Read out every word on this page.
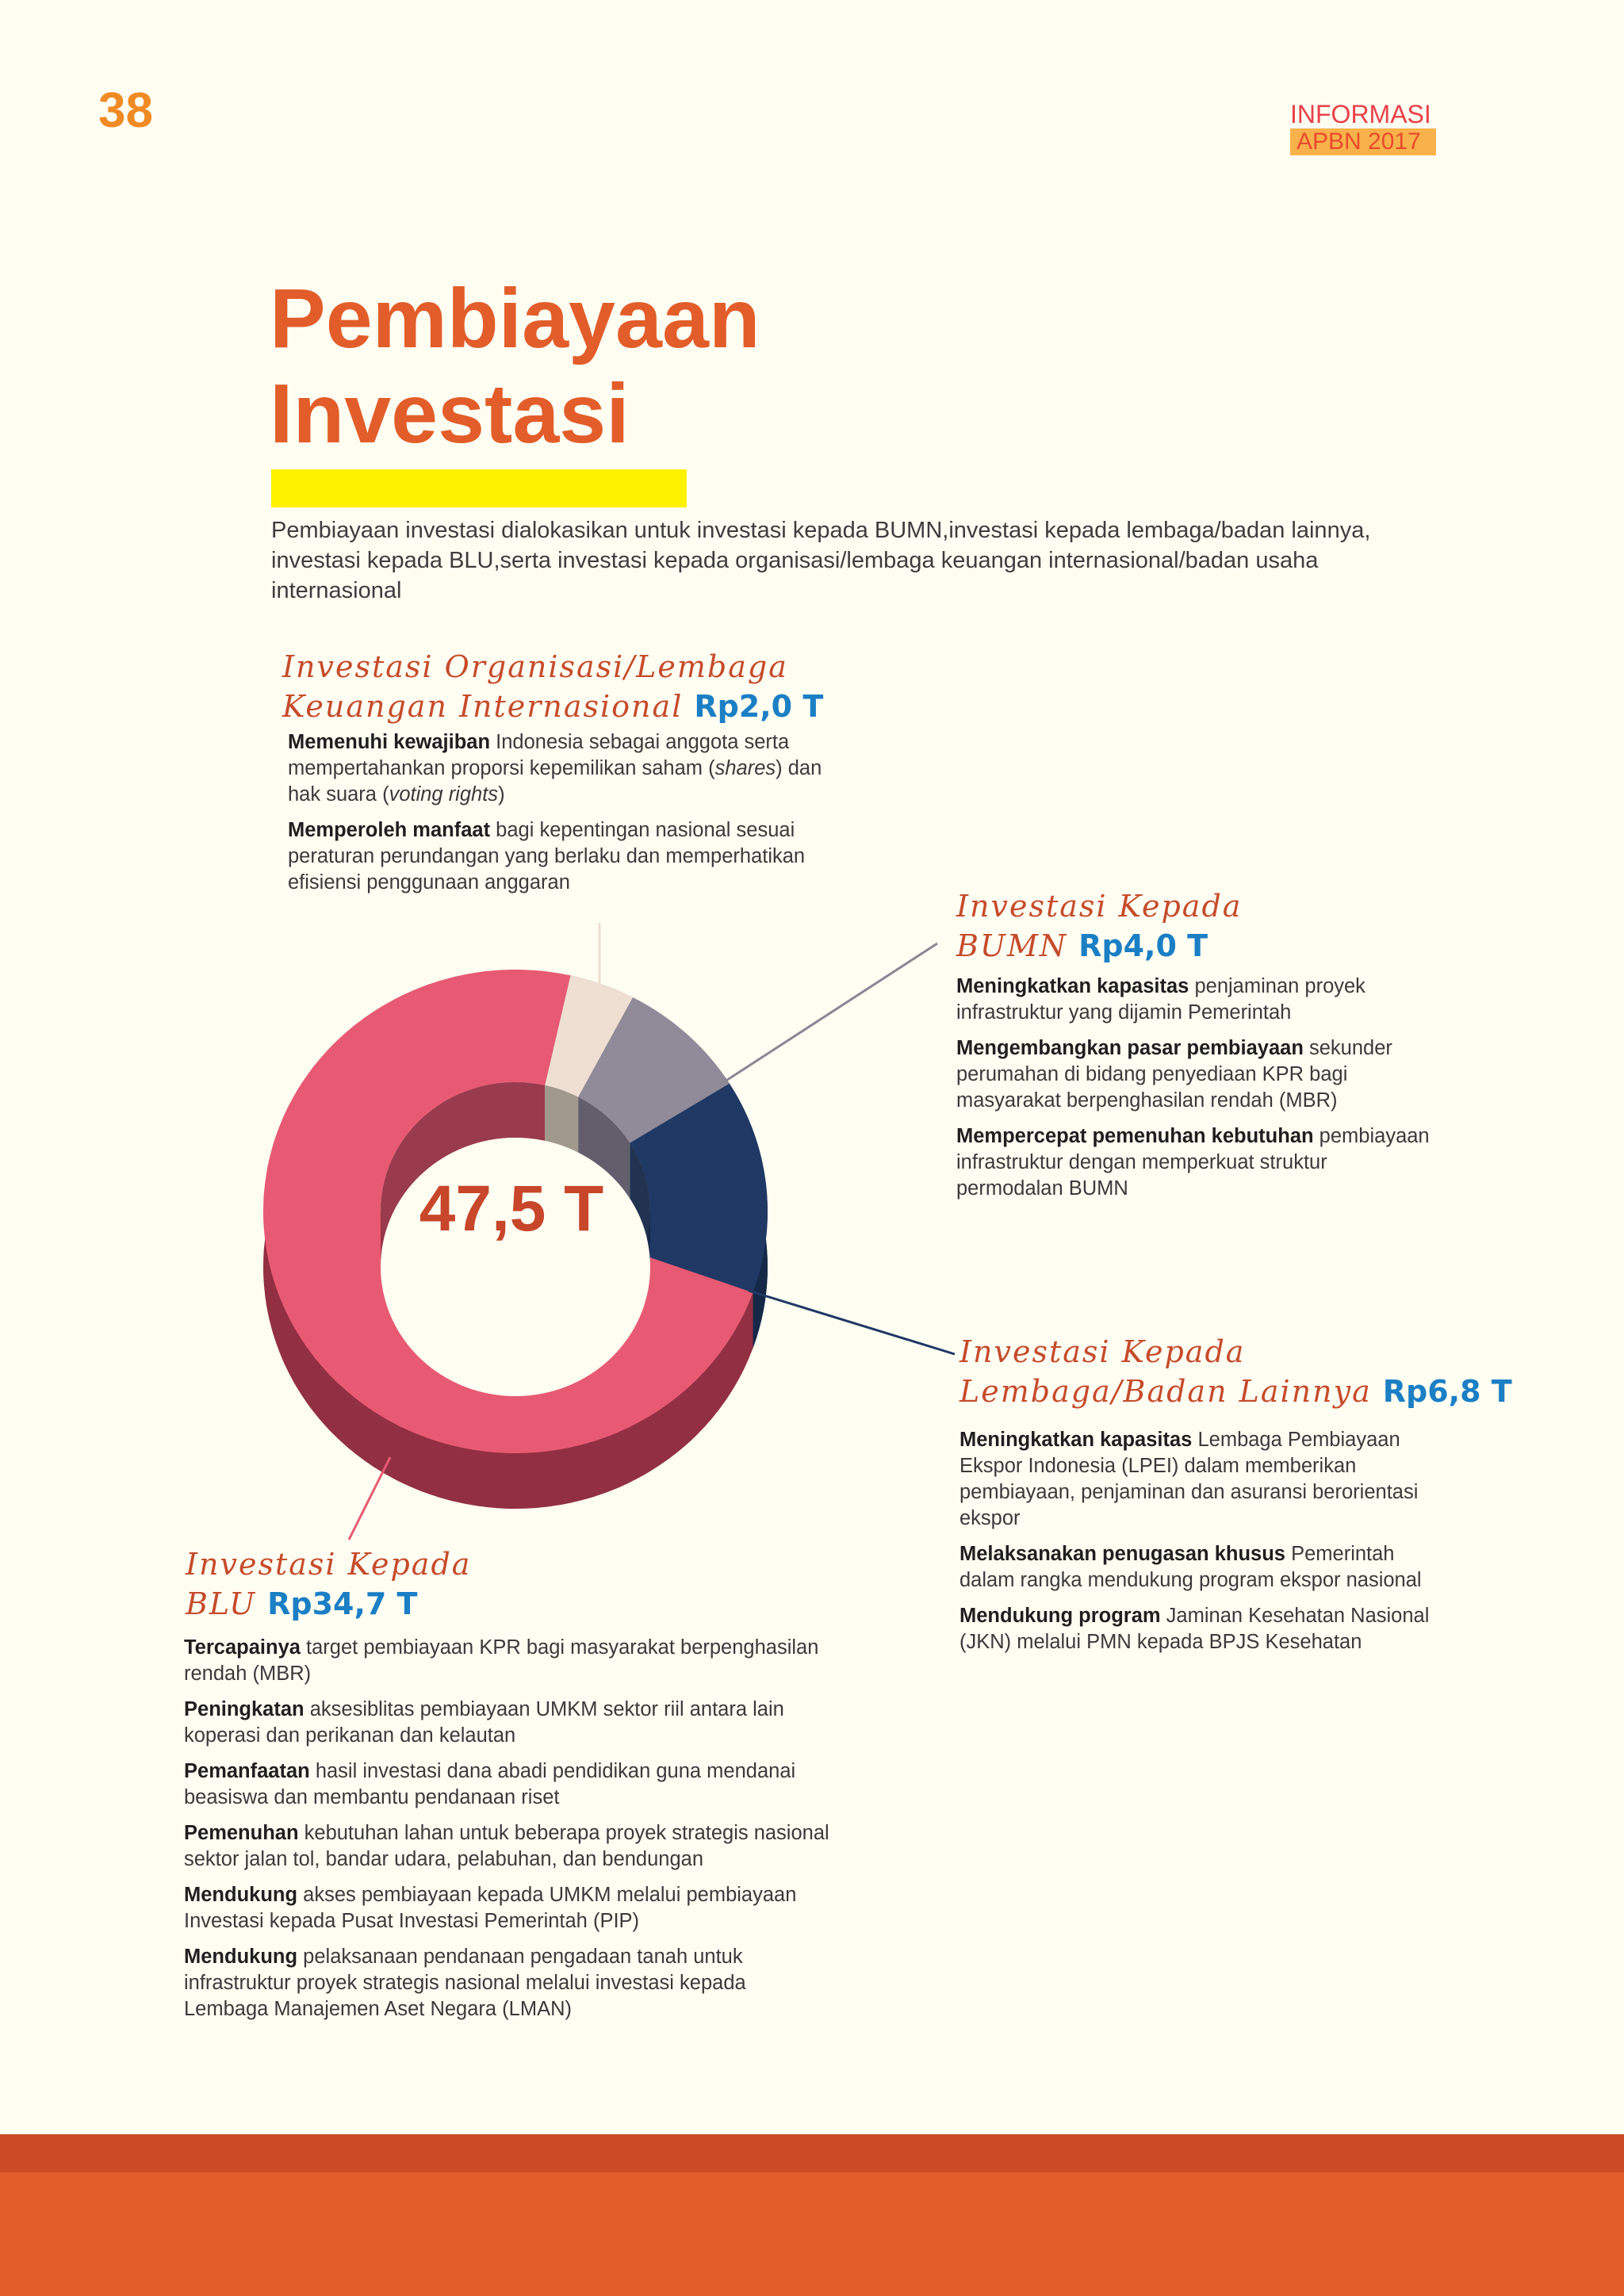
38	INFORMASI
APBN 2017
Pembiayaan
Investasi
Pembiayaan investasi dialokasikan untuk investasi kepada BUMN,investasi kepada lembaga/badan lainnya, investasi kepada BLU,serta investasi kepada organisasi/lembaga keuangan internasional/badan usaha internasional
Investasi Organisasi/Lembaga
Keuangan Internasional Rp2,0 T

Memenuhi kewajiban Indonesia sebagai anggota serta mempertahankan proporsi kepemilikan saham (shares) dan hak suara (voting rights)

Memperoleh manfaat bagi kepentingan nasional sesuai peraturan perundangan yang berlaku dan memperhatikan efisiensi penggunaan anggaran

Investasi Kepada
BUMN Rp4,0 T

Meningkatkan kapasitas penjaminan proyek infrastruktur yang dijamin Pemerintah

Mengembangkan pasar pembiayaan sekunder perumahan di bidang penyediaan KPR bagi masyarakat berpenghasilan rendah (MBR)

Mempercepat pemenuhan kebutuhan pembiayaan infrastruktur dengan memperkuat struktur permodalan BUMN

Investasi Kepada
Lembaga/Badan Lainnya Rp6,8 T

Meningkatkan kapasitas Lembaga Pembiayaan Ekspor Indonesia (LPEI) dalam memberikan pembiayaan, penjaminan dan asuransi berorientasi ekspor

Melaksanakan penugasan khusus Pemerintah dalam rangka mendukung program ekspor nasional

Mendukung program Jaminan Kesehatan Nasional (JKN) melalui PMN kepada BPJS Kesehatan

Investasi Kepada
BLU Rp34,7 T

Tercapainya target pembiayaan KPR bagi masyarakat berpenghasilan rendah (MBR)

Peningkatan aksesiblitas pembiayaan UMKM sektor riil antara lain koperasi dan perikanan dan kelautan

Pemanfaatan hasil investasi dana abadi pendidikan guna mendanai beasiswa dan membantu pendanaan riset

Pemenuhan kebutuhan lahan untuk beberapa proyek strategis nasional sektor jalan tol, bandar udara, pelabuhan, dan bendungan

Mendukung akses pembiayaan kepada UMKM melalui pembiayaan Investasi kepada Pusat Investasi Pemerintah (PIP)

Mendukung pelaksanaan pendanaan pengadaan tanah untuk infrastruktur proyek strategis nasional melalui investasi kepada Lembaga Manajemen Aset Negara (LMAN)

47,5 T
